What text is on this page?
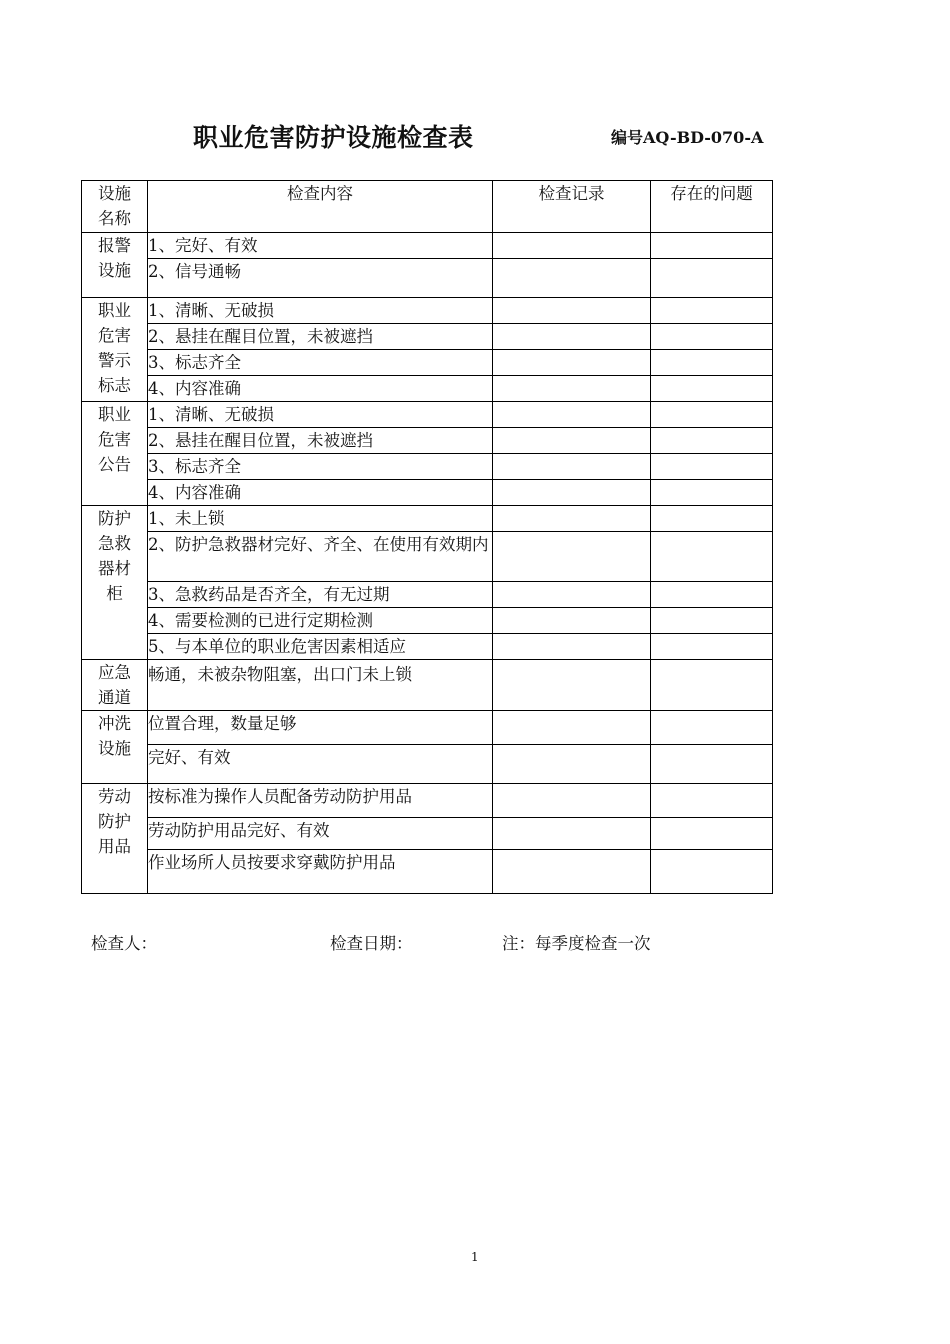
职业危害防护设施检查表	编号AQ-BD-070-A
设施名称	检查内容	检查记录	存在的问题
报警设施	1、完好、有效		
	2、信号通畅		
职业危害警示标志	1、清晰、无破损		
	2、悬挂在醒目位置，未被遮挡		
	3、标志齐全		
	4、内容准确		
职业危害公告	1、清晰、无破损		
	2、悬挂在醒目位置，未被遮挡		
	3、标志齐全		
	4、内容准确		
防护急救器材柜	1、未上锁		
	2、防护急救器材完好、齐全、在使用有效期内		
	3、急救药品是否齐全，有无过期		
	4、需要检测的已进行定期检测		
	5、与本单位的职业危害因素相适应		
应急通道	畅通，未被杂物阻塞，出口门未上锁		
冲洗设施	位置合理，数量足够		
	完好、有效		
劳动防护用品	按标准为操作人员配备劳动防护用品		
	劳动防护用品完好、有效		
	作业场所人员按要求穿戴防护用品		
检查人：	检查日期：	注：每季度检查一次
1
